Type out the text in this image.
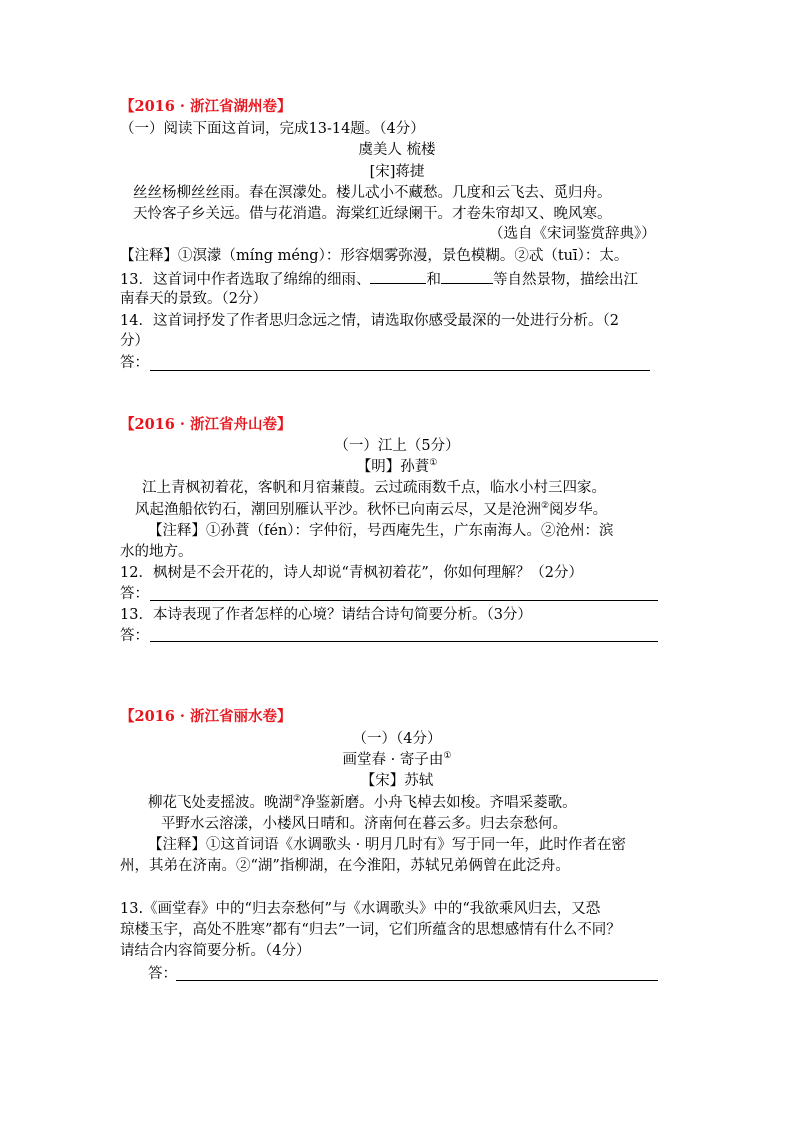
【2016 · 浙江省湖州卷】
（一）阅读下面这首词，完成13-14题。（4分）
虞美人 梳楼
[宋]蒋捷
丝丝杨柳丝丝雨。春在溟濛处。楼儿忒小不藏愁。几度和云飞去、觅归舟。
天怜客子乡关远。借与花消遣。海棠红近绿阑干。才卷朱帘却又、晚风寒。
（选自《宋词鉴赏辞典》）
【注释】①溟濛（míng méng）：形容烟雾弥漫，景色模糊。②忒（tuī）：太。
13．这首词中作者选取了绵绵的细雨、	和	等自然景物，描绘出江
南春天的景致。（2分）
14．这首词抒发了作者思归念远之情，请选取你感受最深的一处进行分析。（2
分）
答：
【2016 · 浙江省舟山卷】
（一）江上（5分）
【明】孙蕡①
江上青枫初着花，客帆和月宿蒹葭。云过疏雨数千点，临水小村三四家。
风起渔船依钓石，潮回别雁认平沙。秋怀已向南云尽，又是沧洲②阅岁华。
【注释】①孙蕡（fén）：字仲衍，号西庵先生，广东南海人。②沧州：滨
水的地方。
12．枫树是不会开花的，诗人却说“青枫初着花”，你如何理解？（2分）
答：
13．本诗表现了作者怎样的心境？请结合诗句简要分析。（3分）
答：
【2016 · 浙江省丽水卷】
（一）（4分）
画堂春 · 寄子由①
【宋】苏轼
柳花飞处麦摇波。晚湖②净鉴新磨。小舟飞棹去如梭。齐唱采菱歌。
平野水云溶漾，小楼风日晴和。济南何在暮云多。归去奈愁何。
【注释】①这首词语《水调歌头 · 明月几时有》写于同一年，此时作者在密
州，其弟在济南。②“湖”指柳湖，在今淮阳，苏轼兄弟俩曾在此泛舟。
13.《画堂春》中的“归去奈愁何”与《水调歌头》中的“我欲乘风归去，又恐
琼楼玉宇，高处不胜寒”都有“归去”一词，它们所蕴含的思想感情有什么不同？
请结合内容简要分析。（4分）
答：
